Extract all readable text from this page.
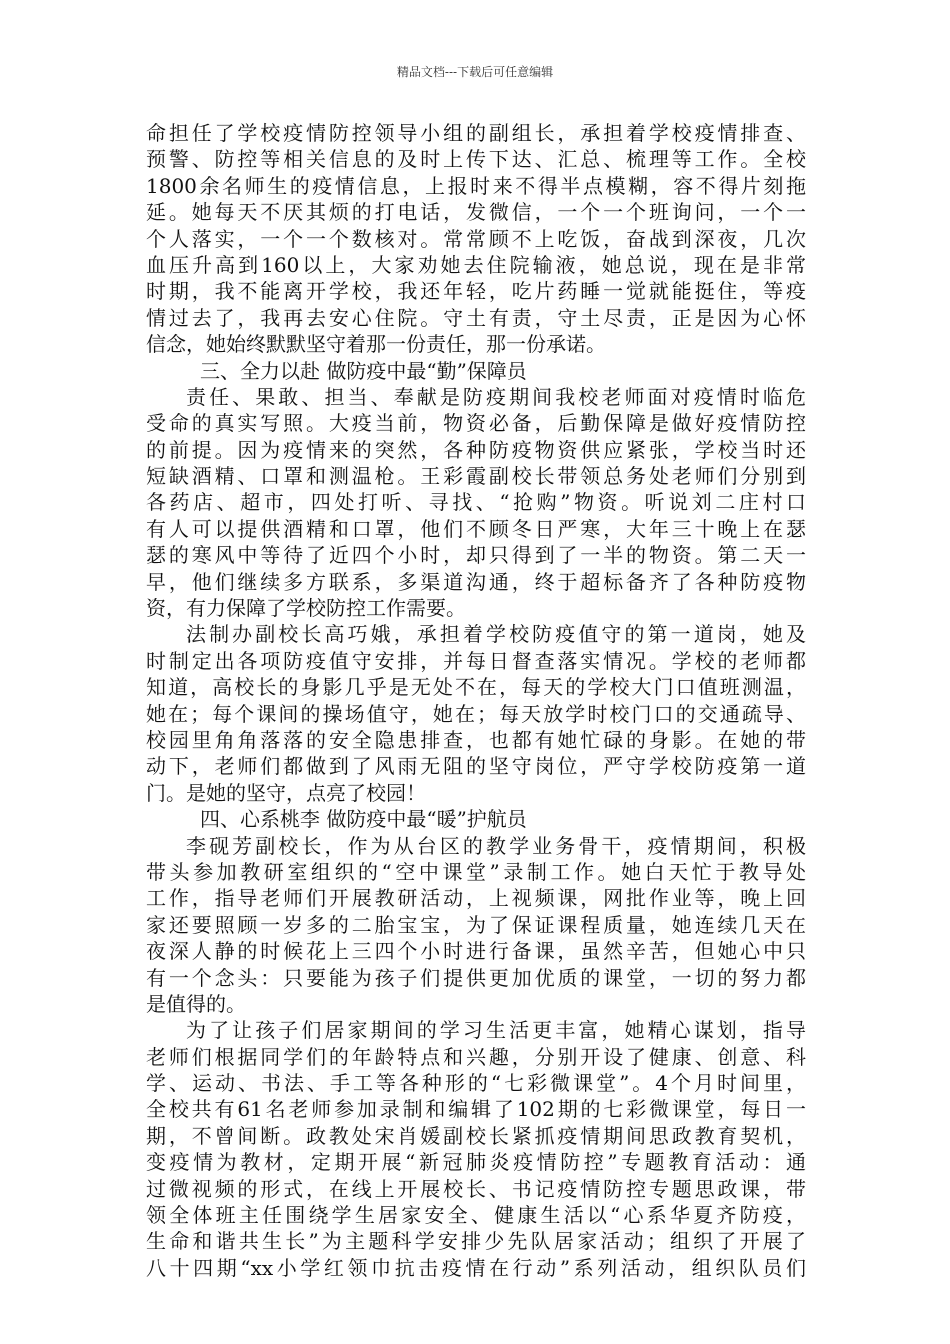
精品文档---下载后可任意编辑
命担任了学校疫情防控领导小组的副组长，承担着学校疫情排查、
预警、防控等相关信息的及时上传下达、汇总、梳理等工作。全校
1800余名师生的疫情信息，上报时来不得半点模糊，容不得片刻拖
延。她每天不厌其烦的打电话，发微信，一个一个班询问，一个一
个人落实，一个一个数核对。常常顾不上吃饭，奋战到深夜，几次
血压升高到160以上，大家劝她去住院输液，她总说，现在是非常
时期，我不能离开学校，我还年轻，吃片药睡一觉就能挺住，等疫
情过去了，我再去安心住院。守土有责，守土尽责，正是因为心怀
信念，她始终默默坚守着那一份责任，那一份承诺。
三、全力以赴 做防疫中最“勤”保障员
责任、果敢、担当、奉献是防疫期间我校老师面对疫情时临危
受命的真实写照。大疫当前，物资必备，后勤保障是做好疫情防控
的前提。因为疫情来的突然，各种防疫物资供应紧张，学校当时还
短缺酒精、口罩和测温枪。王彩霞副校长带领总务处老师们分别到
各药店、超市，四处打听、寻找、“抢购”物资。听说刘二庄村口
有人可以提供酒精和口罩，他们不顾冬日严寒，大年三十晚上在瑟
瑟的寒风中等待了近四个小时，却只得到了一半的物资。第二天一
早，他们继续多方联系，多渠道沟通，终于超标备齐了各种防疫物
资，有力保障了学校防控工作需要。
法制办副校长高巧娥，承担着学校防疫值守的第一道岗，她及
时制定出各项防疫值守安排，并每日督查落实情况。学校的老师都
知道，高校长的身影几乎是无处不在，每天的学校大门口值班测温，
她在；每个课间的操场值守，她在；每天放学时校门口的交通疏导、
校园里角角落落的安全隐患排查，也都有她忙碌的身影。在她的带
动下，老师们都做到了风雨无阻的坚守岗位，严守学校防疫第一道
门。是她的坚守，点亮了校园！
四、心系桃李 做防疫中最“暖”护航员
李砚芳副校长，作为从台区的教学业务骨干，疫情期间，积极
带头参加教研室组织的“空中课堂”录制工作。她白天忙于教导处
工作，指导老师们开展教研活动，上视频课，网批作业等，晚上回
家还要照顾一岁多的二胎宝宝，为了保证课程质量，她连续几天在
夜深人静的时候花上三四个小时进行备课，虽然辛苦，但她心中只
有一个念头：只要能为孩子们提供更加优质的课堂，一切的努力都
是值得的。
为了让孩子们居家期间的学习生活更丰富，她精心谋划，指导
老师们根据同学们的年龄特点和兴趣，分别开设了健康、创意、科
学、运动、书法、手工等各种形的“七彩微课堂”。4个月时间里，
全校共有61名老师参加录制和编辑了102期的七彩微课堂，每日一
期，不曾间断。政教处宋肖媛副校长紧抓疫情期间思政教育契机，
变疫情为教材，定期开展“新冠肺炎疫情防控”专题教育活动：通
过微视频的形式，在线上开展校长、书记疫情防控专题思政课，带
领全体班主任围绕学生居家安全、健康生活以“心系华夏齐防疫，
生命和谐共生长”为主题科学安排少先队居家活动；组织了开展了
八十四期“xx小学红领巾抗击疫情在行动”系列活动，组织队员们
